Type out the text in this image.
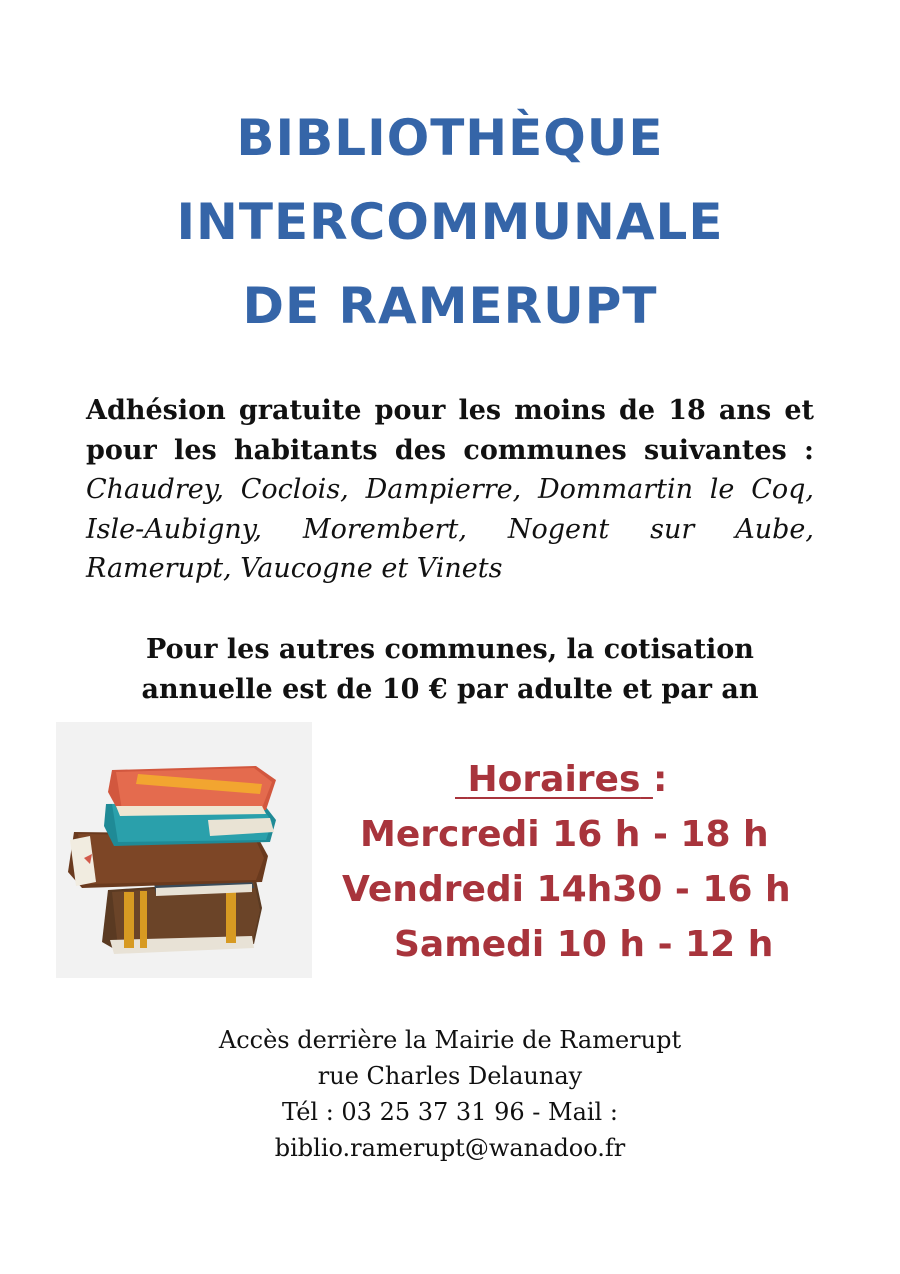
BIBLIOTHÈQUE
INTERCOMMUNALE
DE RAMERUPT
Adhésion gratuite pour les moins de 18 ans et
pour les habitants des communes suivantes :
Chaudrey, Coclois, Dampierre, Dommartin le Coq,
Isle-Aubigny, Morembert, Nogent sur Aube,
Ramerupt, Vaucogne et Vinets
Pour les autres communes, la cotisation
annuelle est de 10 € par adulte et par an
Horaires :
Mercredi 16 h - 18 h
Vendredi 14h30 - 16 h
Samedi 10 h - 12 h
Accès derrière la Mairie de Ramerupt
rue Charles Delaunay
Tél : 03 25 37 31 96 - Mail :
biblio.ramerupt@wanadoo.fr
